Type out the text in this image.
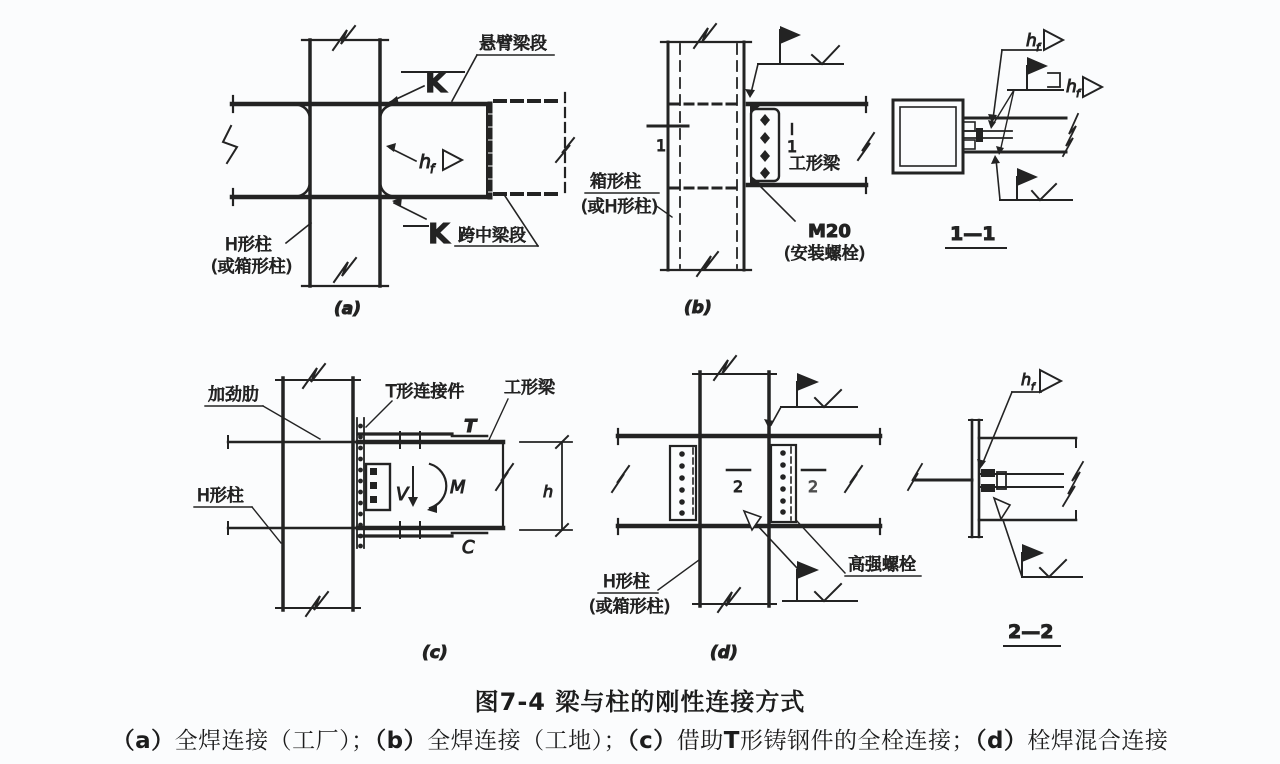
K
h
f
K
悬臂梁段
跨中梁段
H形柱
(或箱形柱)
(a)
1	1
箱形柱
(或H形柱)
工形梁
M20
(安装螺栓)
(b)
h f
h f
1—1
V M
T
C
h
加劲肋	T形连接件 工形梁
H形柱
(c)
2	2
高强螺栓
H形柱
(或箱形柱)
(d)
h f
2—2
图7-4 梁与柱的刚性连接方式
（a）全焊连接（工厂）；（b）全焊连接（工地）；（c）借助T形铸钢件的全栓连接；（d）栓焊混合连接
